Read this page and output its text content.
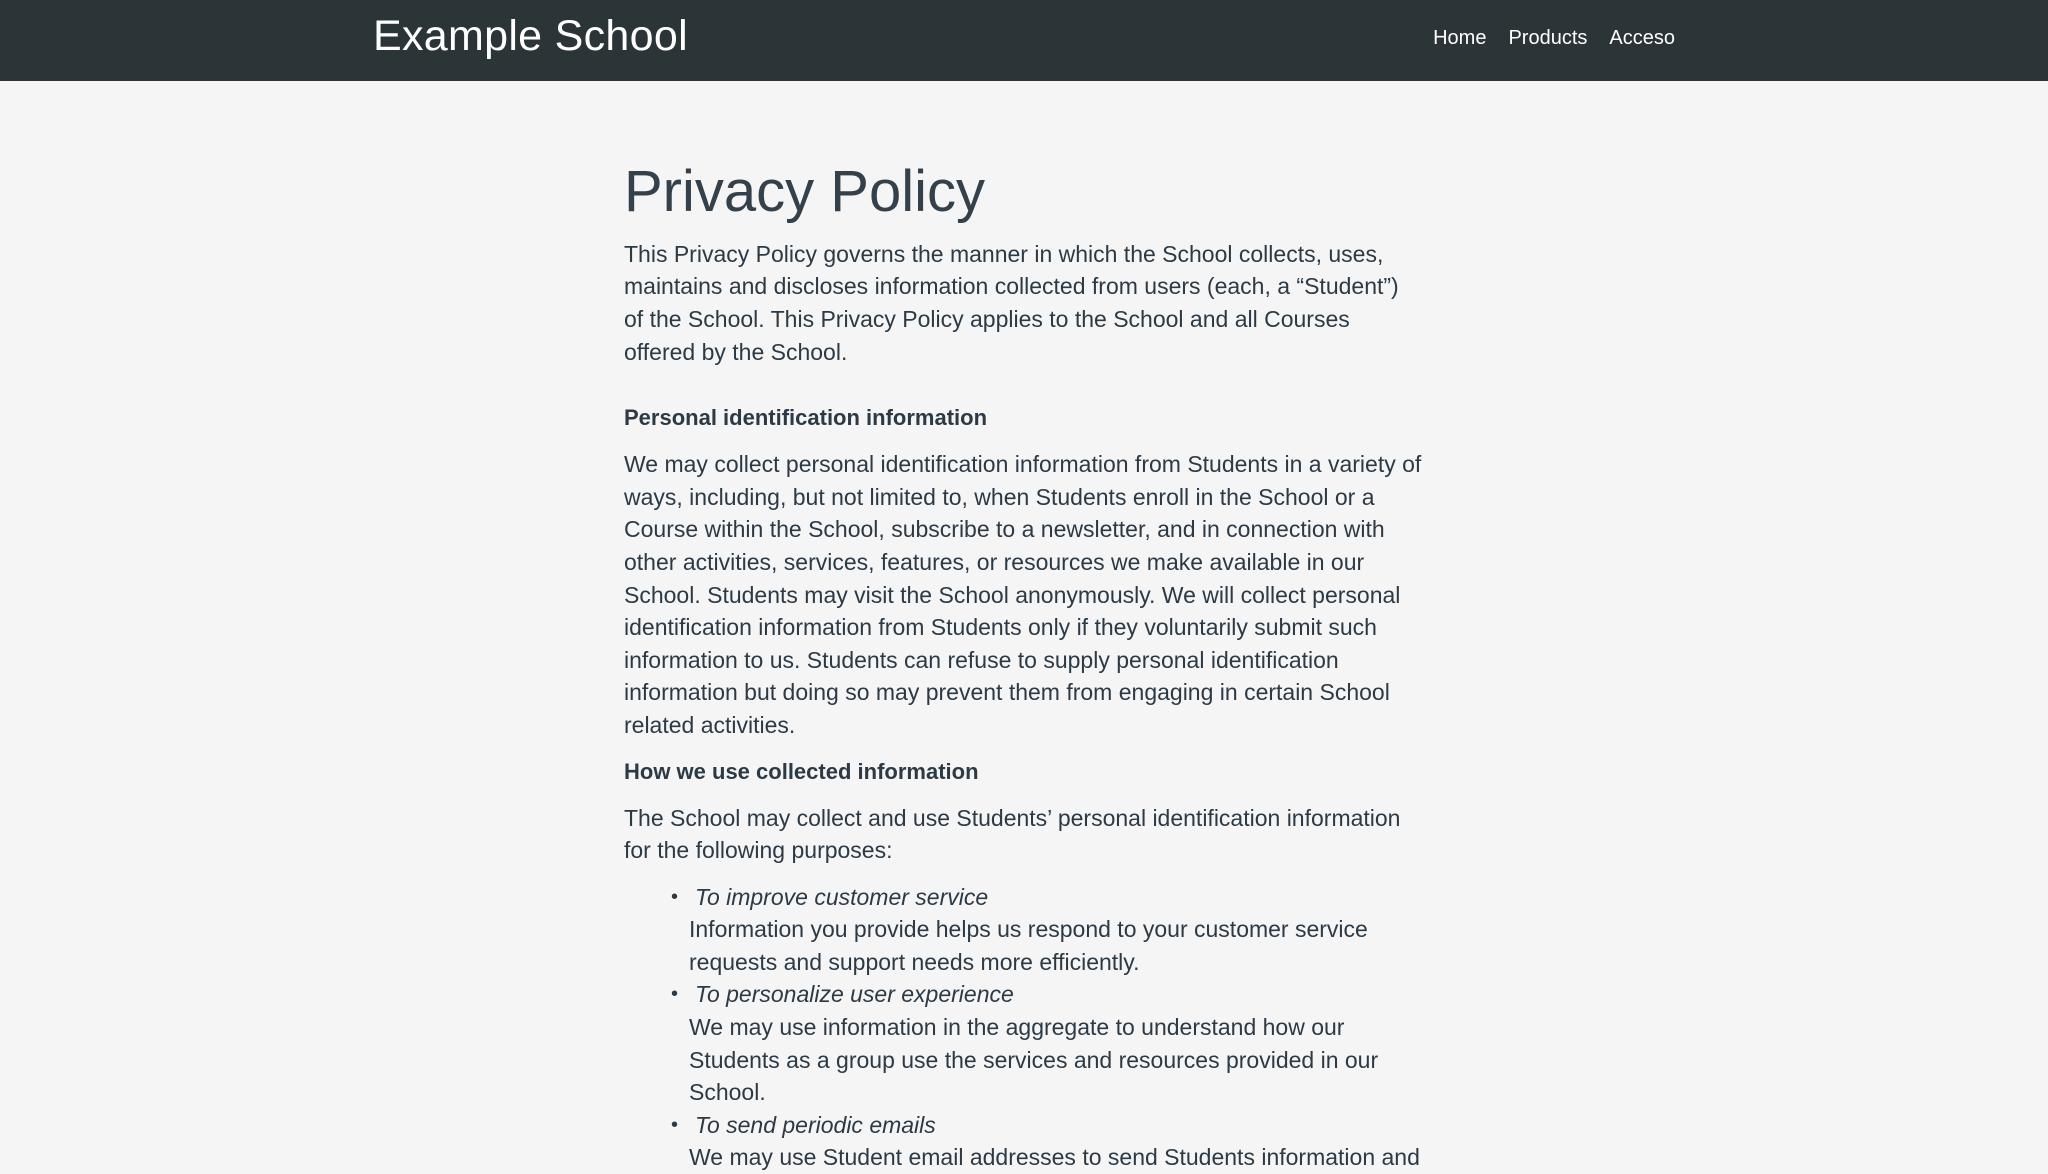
Example School	Home Products Acceso
Privacy Policy

This Privacy Policy governs the manner in which the School collects, uses, maintains and discloses information collected from users (each, a “Student”) of the School. This Privacy Policy applies to the School and all Courses offered by the School.

Personal identification information

We may collect personal identification information from Students in a variety of ways, including, but not limited to, when Students enroll in the School or a Course within the School, subscribe to a newsletter, and in connection with other activities, services, features, or resources we make available in our School. Students may visit the School anonymously. We will collect personal identification information from Students only if they voluntarily submit such information to us. Students can refuse to supply personal identification information but doing so may prevent them from engaging in certain School related activities.

How we use collected information

The School may collect and use Students’ personal identification information for the following purposes:

• To improve customer service
Information you provide helps us respond to your customer service requests and support needs more efficiently.
• To personalize user experience
We may use information in the aggregate to understand how our Students as a group use the services and resources provided in our School.
• To send periodic emails
We may use Student email addresses to send Students information and
